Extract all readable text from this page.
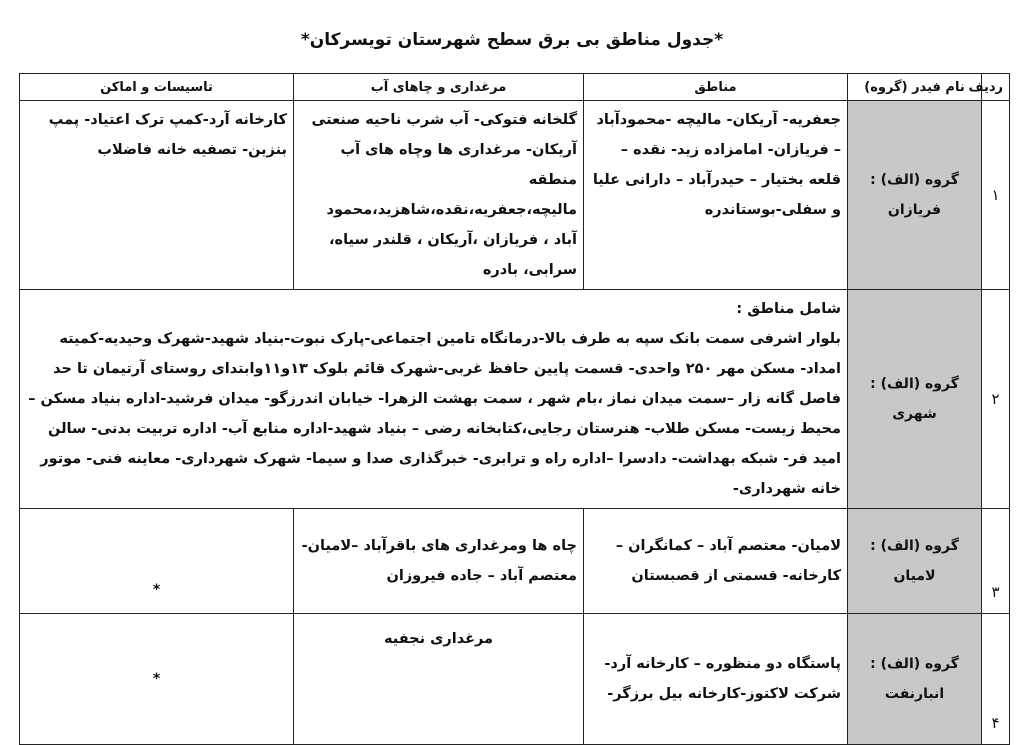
*جدول مناطق بی برق سطح شهرستان تویسرکان*
ردیف	نام فیدر (گروه)	مناطق	مرغداری و چاهای آب	تاسیسات و اماکن
۱	گروه (الف) : فریازان	جعفریه- آریکان- مالیچه -محمودآباد – فریازان- امامزاده زید- نقده – قلعه بختیار – حیدرآباد – دارانی علیا و سفلی-بوستاندره	گلخانه فتوکی- آب شرب ناحیه صنعتی آریکان- مرغداری ها وچاه های آب منطقه مالیچه،جعفریه،نقده،شاهزید،محمود آباد ، فریازان ،آریکان ، قلندر سیاه، سرابی، بادره	کارخانه آرد-کمپ ترک اعتیاد- پمپ بنزین- تصفیه خانه فاضلاب
۲	گروه (الف) : شهری	شامل مناطق :
بلوار اشرفی سمت بانک سپه به طرف بالا-درمانگاه تامین اجتماعی-پارک نبوت-بنیاد شهید-شهرک وحیدیه-کمیته امداد- مسکن مهر ۲۵۰ واحدی- قسمت پایین حافظ غربی-شهرک قائم بلوک ۱۳و۱۱وابتدای روستای آرتیمان تا حد فاصل گانه زار –سمت میدان نماز ،بام شهر ، سمت بهشت الزهرا- خیابان اندرزگو- میدان فرشید-اداره بنیاد مسکن – محیط زیست- مسکن طلاب- هنرستان رجایی،کتابخانه رضی – بنیاد شهید-اداره منابع آب- اداره تربیت بدنی- سالن امید فر- شبکه بهداشت- دادسرا –اداره راه و ترابری- خبرگذاری صدا و سیما- شهرک شهرداری- معاینه فنی- موتور خانه شهرداری-		

۳	گروه (الف) : لامیان	لامیان- معتصم آباد – کمانگران – کارخانه- قسمتی از قصبستان	چاه ها ومرغداری های باقرآباد –لامیان- معتصم آباد – جاده فیروزان	*
۴	گروه (الف) : انبارنفت	پاستگاه دو منظوره – کارخانه آرد- شرکت لاکتوز-کارخانه بیل برزگر-	مرغداری نجفیه	*
